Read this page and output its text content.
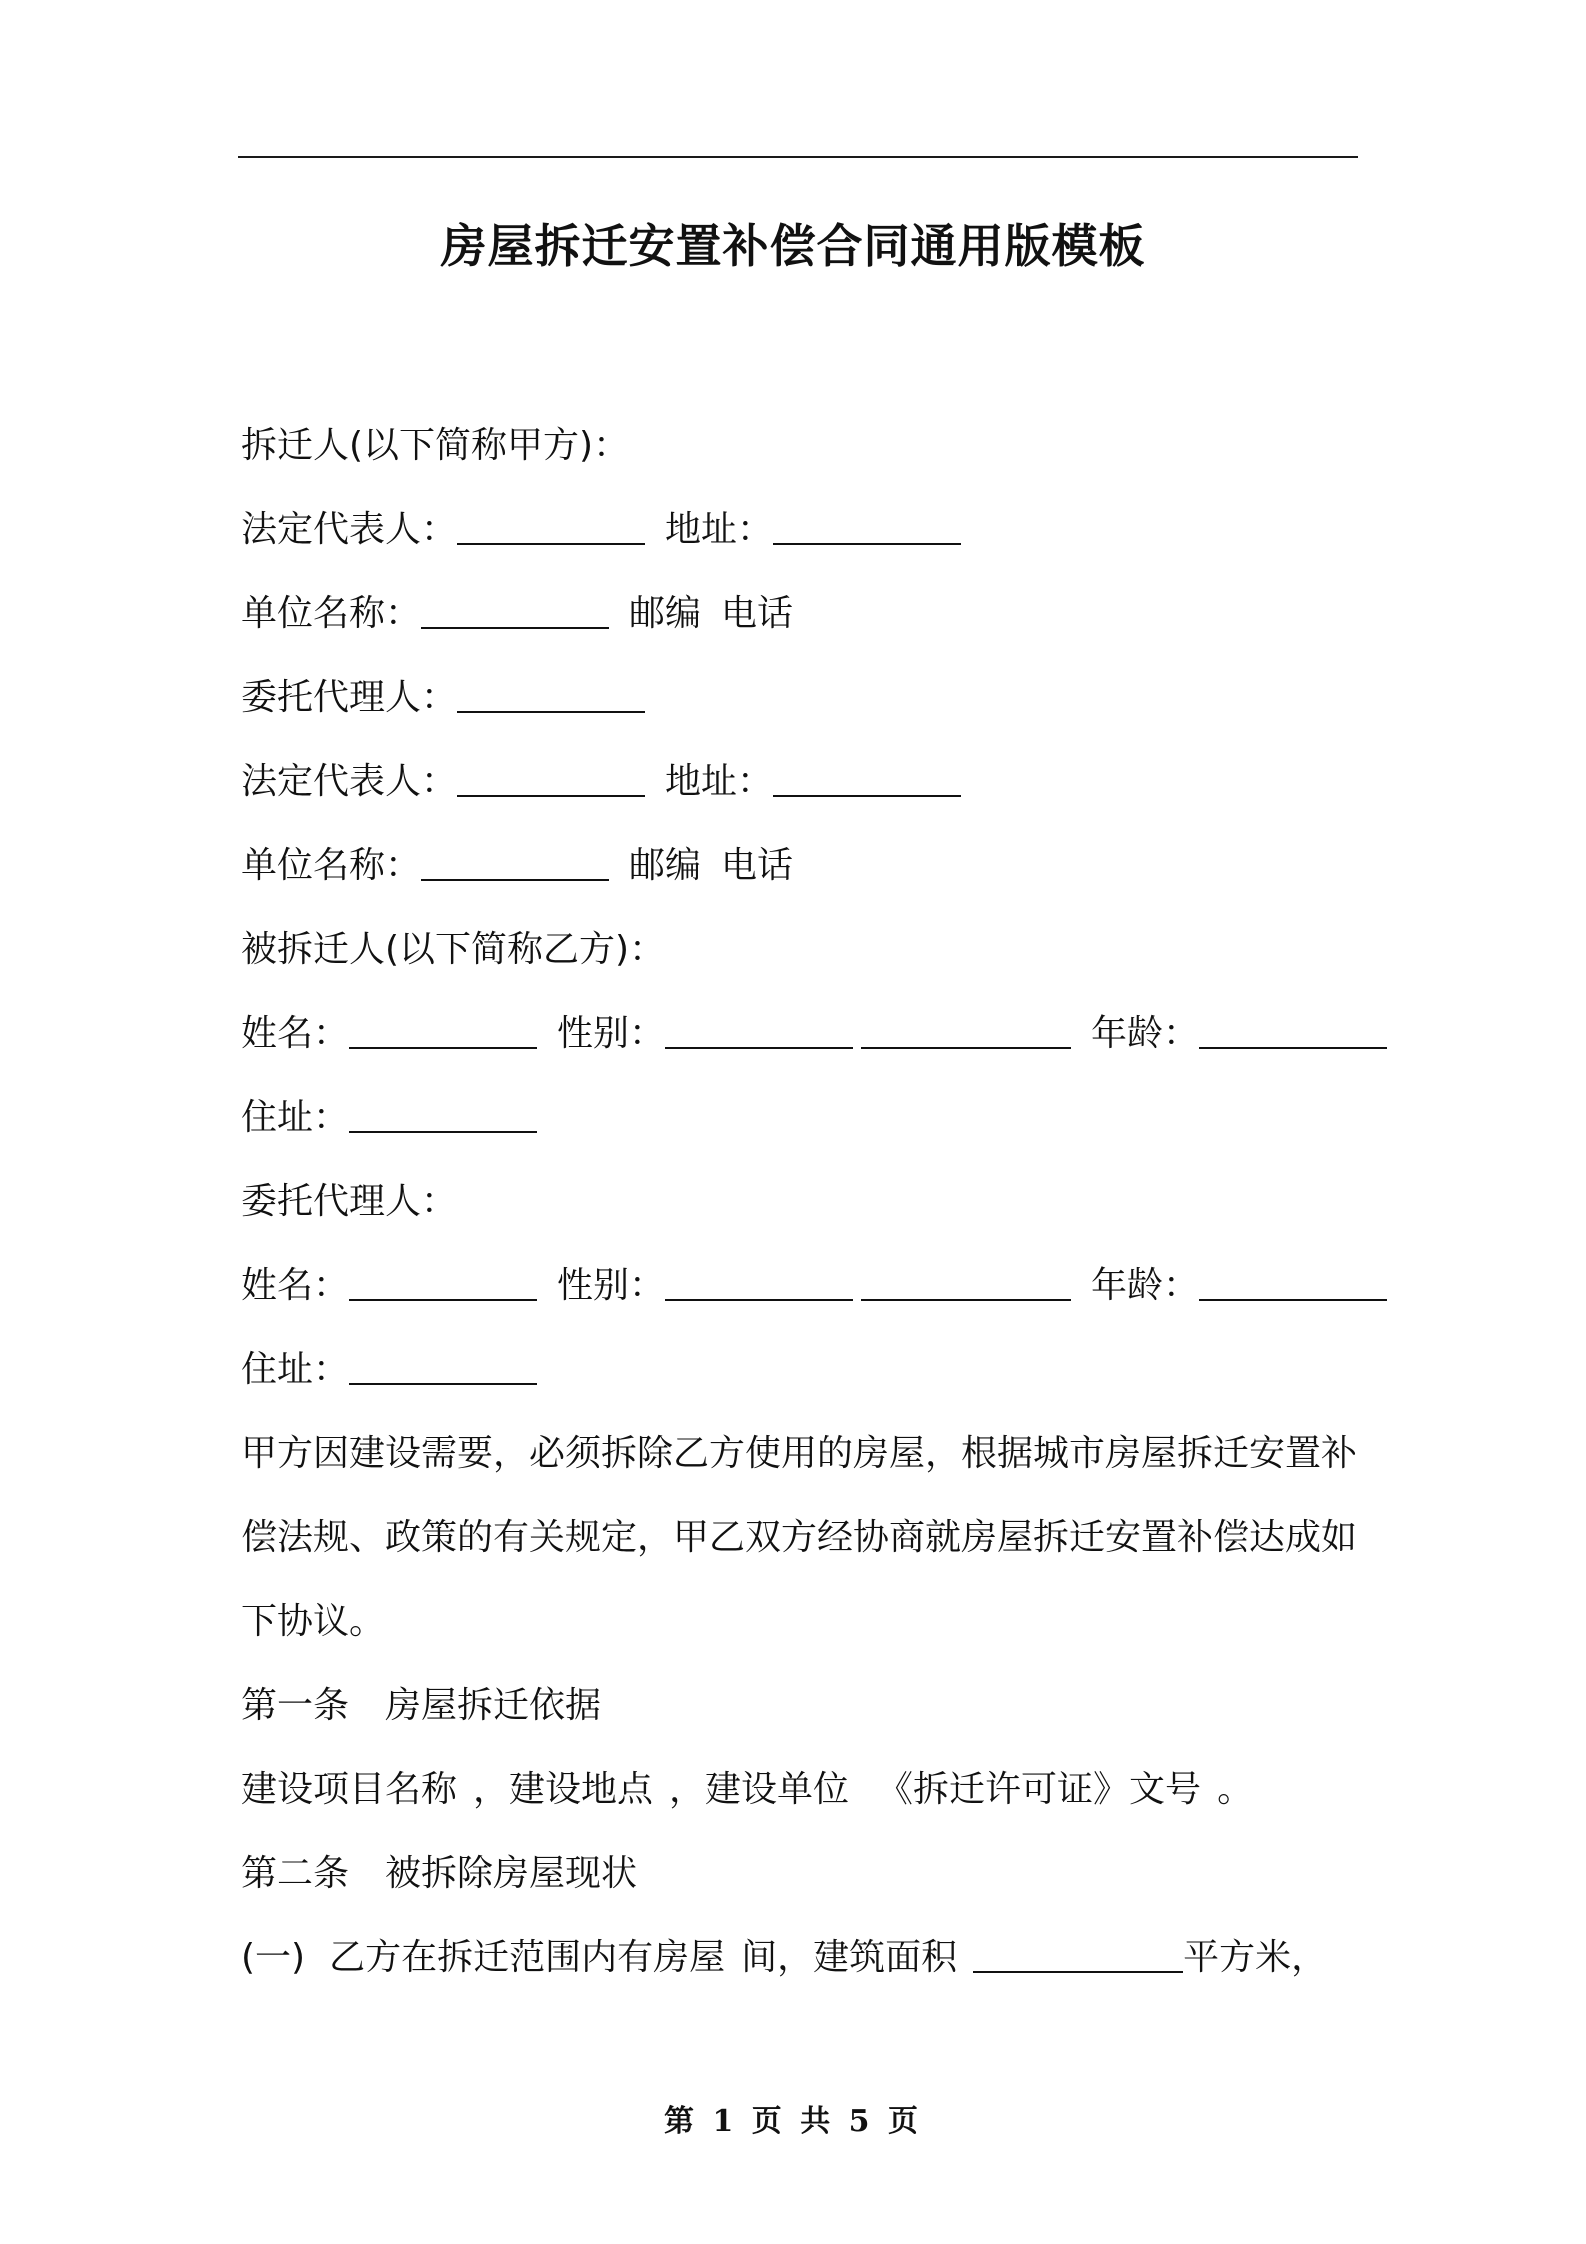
房屋拆迁安置补偿合同通用版模板
拆迁人(以下简称甲方)：
法定代表人：	地址：
单位名称：	邮编 电话
委托代理人：
法定代表人：	地址：
单位名称：	邮编 电话
被拆迁人(以下简称乙方)：
姓名：	性别：	年龄：
住址：
委托代理人：
姓名：	性别：	年龄：
住址：
甲方因建设需要，必须拆除乙方使用的房屋，根据城市房屋拆迁安置补偿法规、政策的有关规定，甲乙双方经协商就房屋拆迁安置补偿达成如下协议。
第一条 房屋拆迁依据
建设项目名称 ，建设地点 ，建设单位 《拆迁许可证》文号 。
第二条 被拆除房屋现状
(一) 乙方在拆迁范围内有房屋 间，建筑面积	平方米，
第 1 页 共 5 页
